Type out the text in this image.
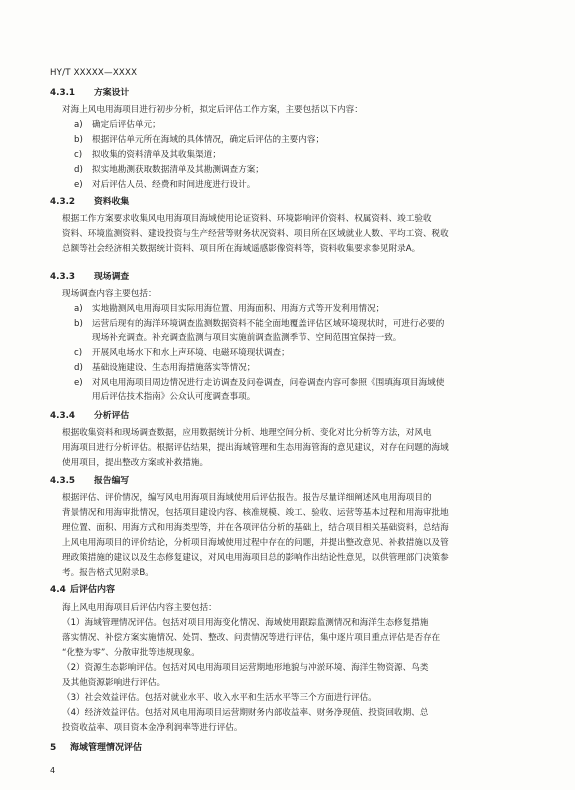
HY/T XXXXX—XXXX
4.3.1 方案设计
对海上风电用海项目进行初步分析，拟定后评估工作方案，主要包括以下内容：
a) 确定后评估单元；
b) 根据评估单元所在海域的具体情况，确定后评估的主要内容；
c) 拟收集的资料清单及其收集渠道；
d) 拟实地勘测获取数据清单及其勘测调查方案；
e) 对后评估人员、经费和时间进度进行设计。
4.3.2 资料收集
根据工作方案要求收集风电用海项目海域使用论证资料、环境影响评价资料、权属资料、竣工验收
资料、环境监测资料、建设投资与生产经营等财务状况资料、项目所在区域就业人数、平均工资、税收
总额等社会经济相关数据统计资料、项目所在海域遥感影像资料等，资料收集要求参见附录A。
4.3.3 现场调查
现场调查内容主要包括：
a) 实地勘测风电用海项目实际用海位置、用海面积、用海方式等开发利用情况；
b) 运营后现有的海洋环境调查监测数据资料不能全面地覆盖评估区域环境现状时，可进行必要的
现场补充调查。补充调查监测与项目实施前调查监测季节、空间范围宜保持一致。
c) 开展风电场水下和水上声环境、电磁环境现状调查；
d) 基础设施建设、生态用海措施落实等情况；
e) 对风电用海项目周边情况进行走访调查及问卷调查，问卷调查内容可参照《围填海项目海域使
用后评估技术指南》公众认可度调查事项。
4.3.4 分析评估
根据收集资料和现场调查数据，应用数据统计分析、地理空间分析、变化对比分析等方法，对风电
用海项目进行分析评估。根据评估结果，提出海域管理和生态用海管海的意见建议，对存在问题的海域
使用项目，提出整改方案或补救措施。
4.3.5 报告编写
根据评估、评价情况，编写风电用海项目海域使用后评估报告。报告尽量详细阐述风电用海项目的
背景情况和用海审批情况，包括项目建设内容、核准规模、竣工、验收、运营等基本过程和用海审批地
理位置、面积、用海方式和用海类型等，并在各项评估分析的基础上，结合项目相关基础资料，总结海
上风电用海项目的评价结论，分析项目海域使用过程中存在的问题，并提出整改意见、补救措施以及管
理政策措施的建议以及生态修复建议，对风电用海项目总的影响作出结论性意见，以供管理部门决策参
考。报告格式见附录B。
4.4 后评估内容
海上风电用海项目后评估内容主要包括：
（1）海域管理情况评估。包括对项目用海变化情况、海域使用跟踪监测情况和海洋生态修复措施
落实情况、补偿方案实施情况、处罚、整改、问责情况等进行评估，集中逐片项目重点评估是否存在
“化整为零”、分散审批等违规现象。
（2）资源生态影响评估。包括对风电用海项目运营期地形地貌与冲淤环境、海洋生物资源、鸟类
及其他资源影响进行评估。
（3）社会效益评估。包括对就业水平、收入水平和生活水平等三个方面进行评估。
（4）经济效益评估。包括对风电用海项目运营期财务内部收益率、财务净现值、投资回收期、总
投资收益率、项目资本金净利润率等进行评估。
5 海域管理情况评估
4
